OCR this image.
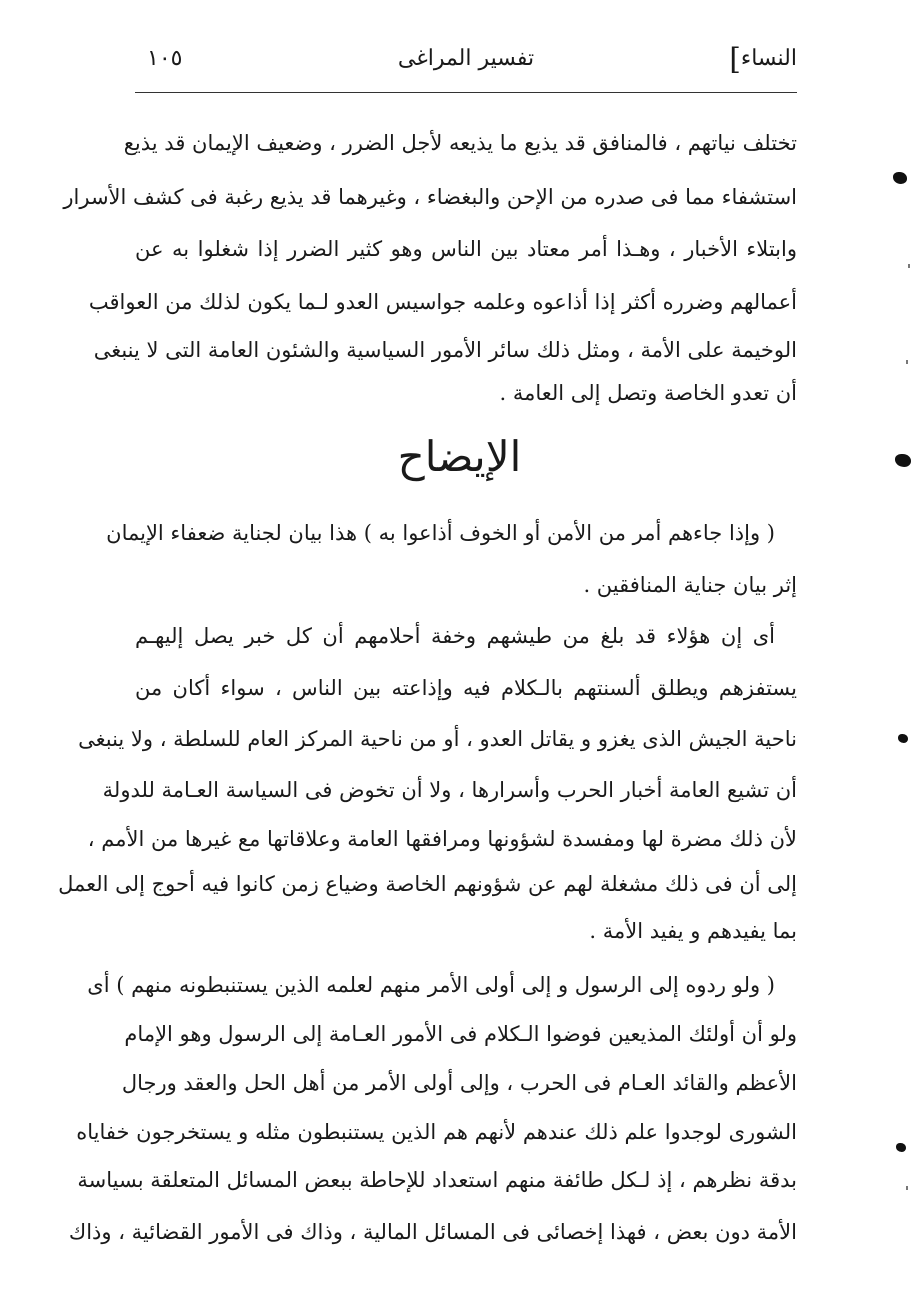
النساء
]
تفسير المراغى
١٠٥
تختلف نياتهم ، فالمنافق قد يذيع ما يذيعه لأجل الضرر ، وضعيف الإيمان قد يذيع
استشفاء مما فى صدره من الإحن والبغضاء ، وغيرهما قد يذيع رغبة فى كشف الأسرار
وابتلاء الأخبار ، وهـذا أمر معتاد بين الناس وهو كثير الضرر إذا شغلوا به عن
أعمالهم وضرره أكثر إذا أذاعوه وعلمه جواسيس العدو لـما يكون لذلك من العواقب
الوخيمة على الأمة ، ومثل ذلك سائر الأمور السياسية والشئون العامة التى لا ينبغى
أن تعدو الخاصة وتصل إلى العامة .
الإيضاح
( وإذا جاءهم أمر من الأمن أو الخوف أذاعوا به ) هذا بيان لجناية ضعفاء الإيمان
إثر بيان جناية المنافقين .
أى إن هؤلاء قد بلغ من طيشهم وخفة أحلامهم أن كل خبر يصل إليهـم
يستفزهم ويطلق ألسنتهم بالـكلام فيه وإذاعته بين الناس ، سواء أكان من
ناحية الجيش الذى يغزو و يقاتل العدو ، أو من ناحية المركز العام للسلطة ، ولا ينبغى
أن تشيع العامة أخبار الحرب وأسرارها ، ولا أن تخوض فى السياسة العـامة للدولة
لأن ذلك مضرة لها ومفسدة لشؤونها ومرافقها العامة وعلاقاتها مع غيرها من الأمم ،
إلى أن فى ذلك مشغلة لهم عن شؤونهم الخاصة وضياع زمن كانوا فيه أحوج إلى العمل
بما يفيدهم و يفيد الأمة .
( ولو ردوه إلى الرسول و إلى أولى الأمر منهم لعلمه الذين يستنبطونه منهم ) أى
ولو أن أولئك المذيعين فوضوا الـكلام فى الأمور العـامة إلى الرسول وهو الإمام
الأعظم والقائد العـام فى الحرب ، وإلى أولى الأمر من أهل الحل والعقد ورجال
الشورى لوجدوا علم ذلك عندهم لأنهم هم الذين يستنبطون مثله و يستخرجون خفاياه
بدقة نظرهم ، إذ لـكل طائفة منهم استعداد للإحاطة ببعض المسائل المتعلقة بسياسة
الأمة دون بعض ، فهذا إخصائى فى المسائل المالية ، وذاك فى الأمور القضائية ، وذاك
